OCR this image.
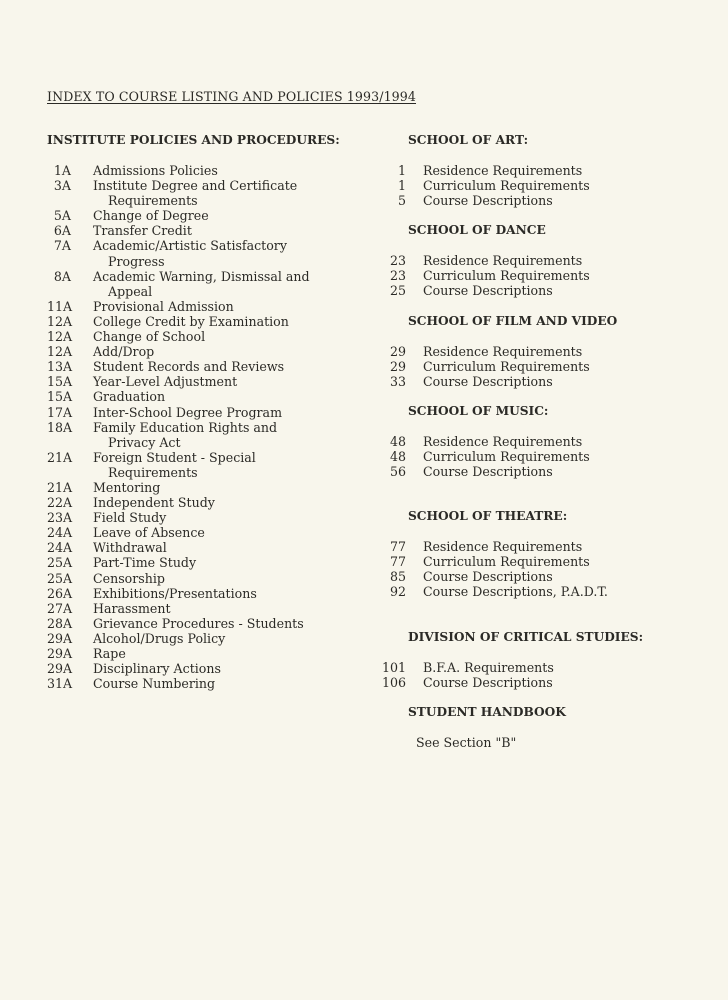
INDEX TO COURSE LISTING AND POLICIES 1993/1994
INSTITUTE POLICIES AND PROCEDURES:
1A	Admissions Policies
3A	Institute Degree and Certificate
Requirements
5A	Change of Degree
6A	Transfer Credit
7A	Academic/Artistic Satisfactory
Progress
8A	Academic Warning, Dismissal and
Appeal
11A	Provisional Admission
12A	College Credit by Examination
12A	Change of School
12A	Add/Drop
13A	Student Records and Reviews
15A	Year-Level Adjustment
15A	Graduation
17A	Inter-School Degree Program
18A	Family Education Rights and
Privacy Act
21A	Foreign Student - Special
Requirements
21A	Mentoring
22A	Independent Study
23A	Field Study
24A	Leave of Absence
24A	Withdrawal
25A	Part-Time Study
25A	Censorship
26A	Exhibitions/Presentations
27A	Harassment
28A	Grievance Procedures - Students
29A	Alcohol/Drugs Policy
29A	Rape
29A	Disciplinary Actions
31A	Course Numbering
SCHOOL OF ART:
1	Residence Requirements
1	Curriculum Requirements
5	Course Descriptions
SCHOOL OF DANCE
23	Residence Requirements
23	Curriculum Requirements
25	Course Descriptions
SCHOOL OF FILM AND VIDEO
29	Residence Requirements
29	Curriculum Requirements
33	Course Descriptions
SCHOOL OF MUSIC:
48	Residence Requirements
48	Curriculum Requirements
56	Course Descriptions
SCHOOL OF THEATRE:
77	Residence Requirements
77	Curriculum Requirements
85	Course Descriptions
92	Course Descriptions, P.A.D.T.
DIVISION OF CRITICAL STUDIES:
101	B.F.A. Requirements
106	Course Descriptions
STUDENT HANDBOOK
See Section "B"
